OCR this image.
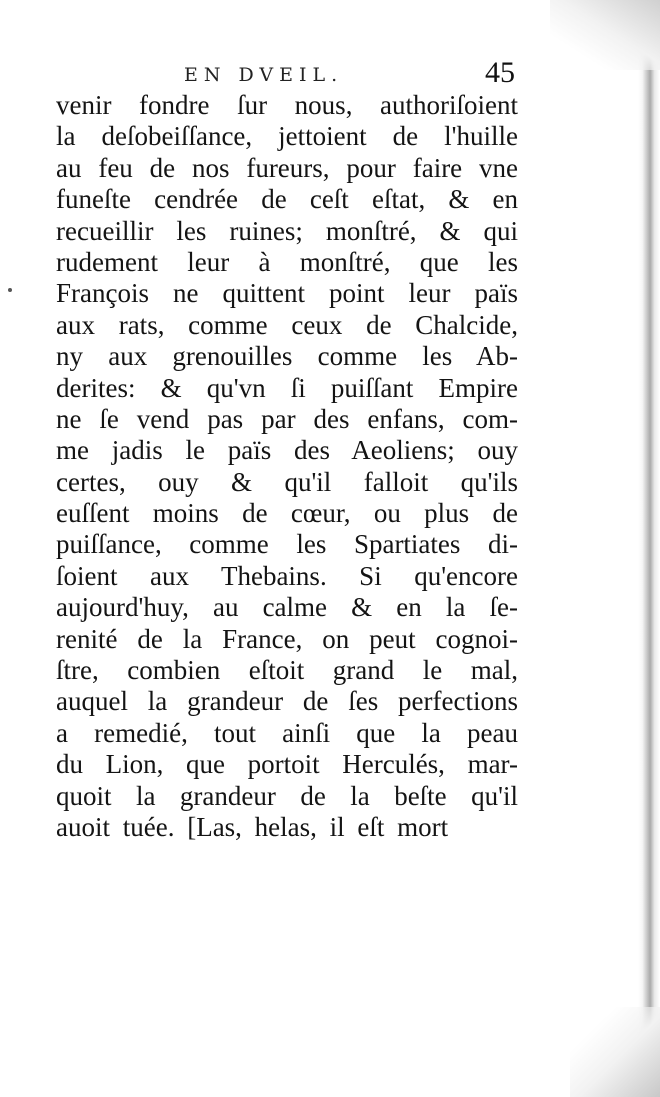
EN DVEIL.	45
venir fondre ſur nous, authoriſoient
la deſobeiſſance, jettoient de l'huille
au feu de nos fureurs, pour faire vne
funeſte cendrée de ceſt eſtat, & en
recueillir les ruines; monſtré, & qui
rudement leur à monſtré, que les
François ne quittent point leur païs
aux rats, comme ceux de Chalcide,
ny aux grenouilles comme les Ab-
derites: & qu'vn ſi puiſſant Empire
ne ſe vend pas par des enfans, com-
me jadis le païs des Aeoliens; ouy
certes, ouy & qu'il falloit qu'ils
euſſent moins de cœur, ou plus de
puiſſance, comme les Spartiates di-
ſoient aux Thebains. Si qu'encore
aujourd'huy, au calme & en la ſe-
renité de la France, on peut cognoi-
ſtre, combien eſtoit grand le mal,
auquel la grandeur de ſes perfections
a remedié, tout ainſi que la peau
du Lion, que portoit Herculés, mar-
quoit la grandeur de la beſte qu'il
auoit tuée. [Las, helas, il eſt mort
